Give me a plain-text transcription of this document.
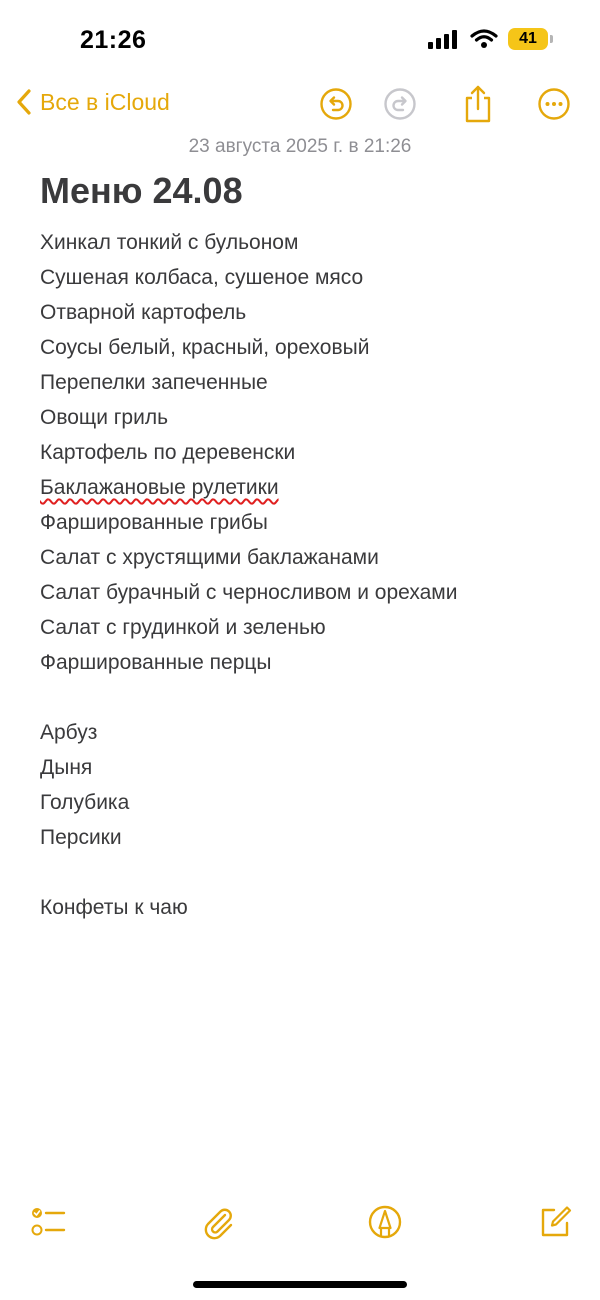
21:26	41
Все в iCloud
23 августа 2025 г. в 21:26
Меню 24.08
Хинкал тонкий с бульоном
Сушеная колбаса, сушеное мясо
Отварной картофель
Соусы белый, красный, ореховый
Перепелки запеченные
Овощи гриль
Картофель по деревенски
Баклажановые рулетики
Фаршированные грибы
Салат с хрустящими баклажанами
Салат бурачный с черносливом и орехами
Салат с грудинкой и зеленью
Фаршированные перцы
Арбуз
Дыня
Голубика
Персики
Конфеты к чаю
